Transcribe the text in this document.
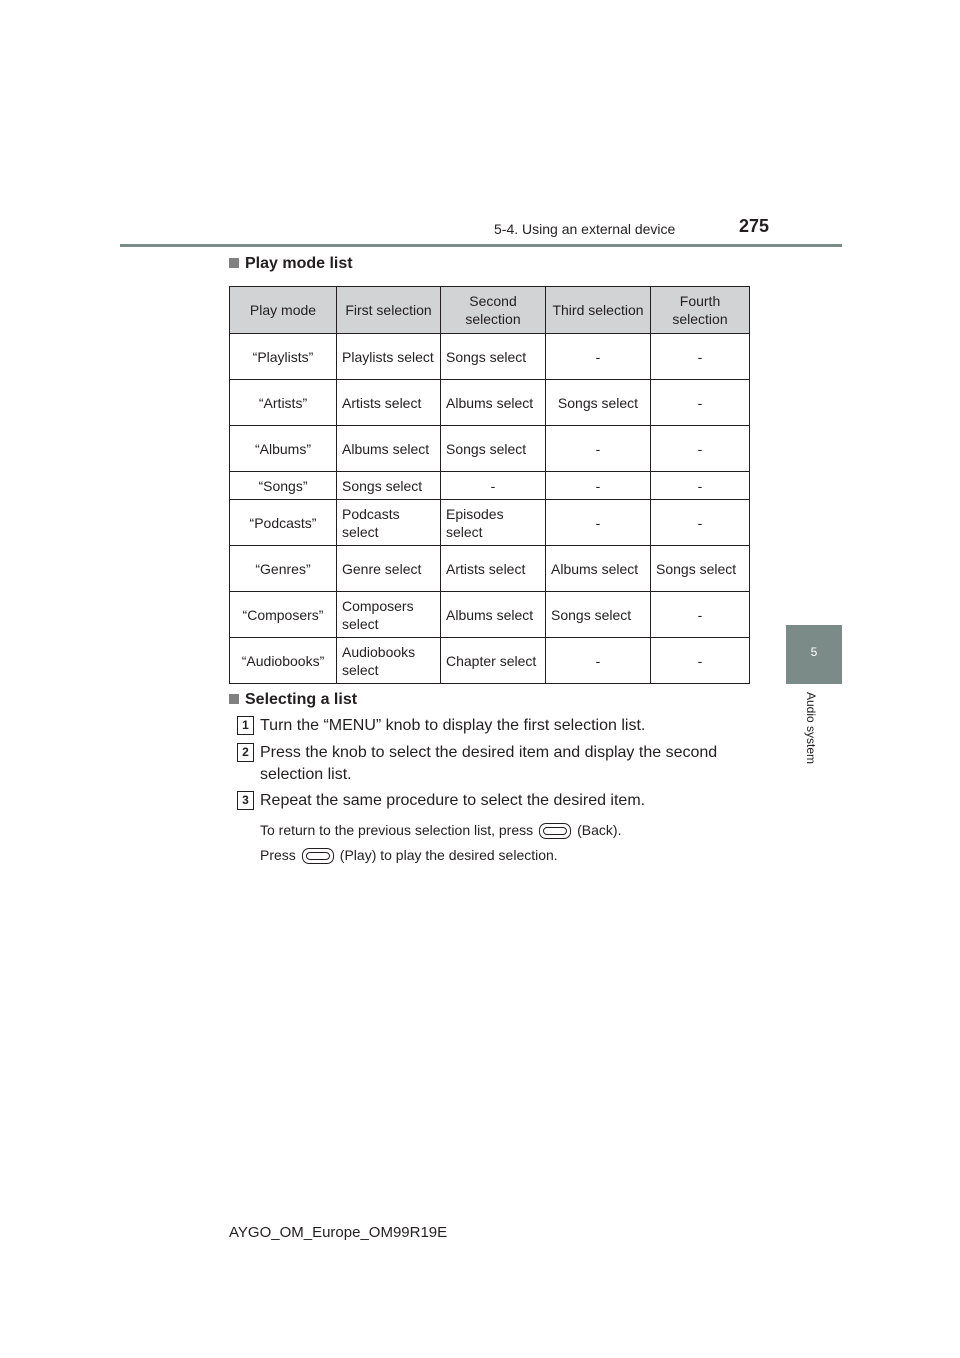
5-4. Using an external device	275
5
Audio system
Play mode list
Play mode	First selection	Second selection	Third selection	Fourth selection
“Playlists”	Playlists select	Songs select	-	-
“Artists”	Artists select	Albums select	Songs select	-
“Albums”	Albums select	Songs select	-	-
“Songs”	Songs select	-	-	-
“Podcasts”	Podcasts select	Episodes select	-	-
“Genres”	Genre select	Artists select	Albums select	Songs select
“Composers”	Composers select	Albums select	Songs select	-
“Audiobooks”	Audiobooks select	Chapter select	-	-
Selecting a list
1 Turn the “MENU” knob to display the first selection list.
2 Press the knob to select the desired item and display the second selection list.
3 Repeat the same procedure to select the desired item.
To return to the previous selection list, press	(Back).
Press	(Play) to play the desired selection.
AYGO_OM_Europe_OM99R19E
